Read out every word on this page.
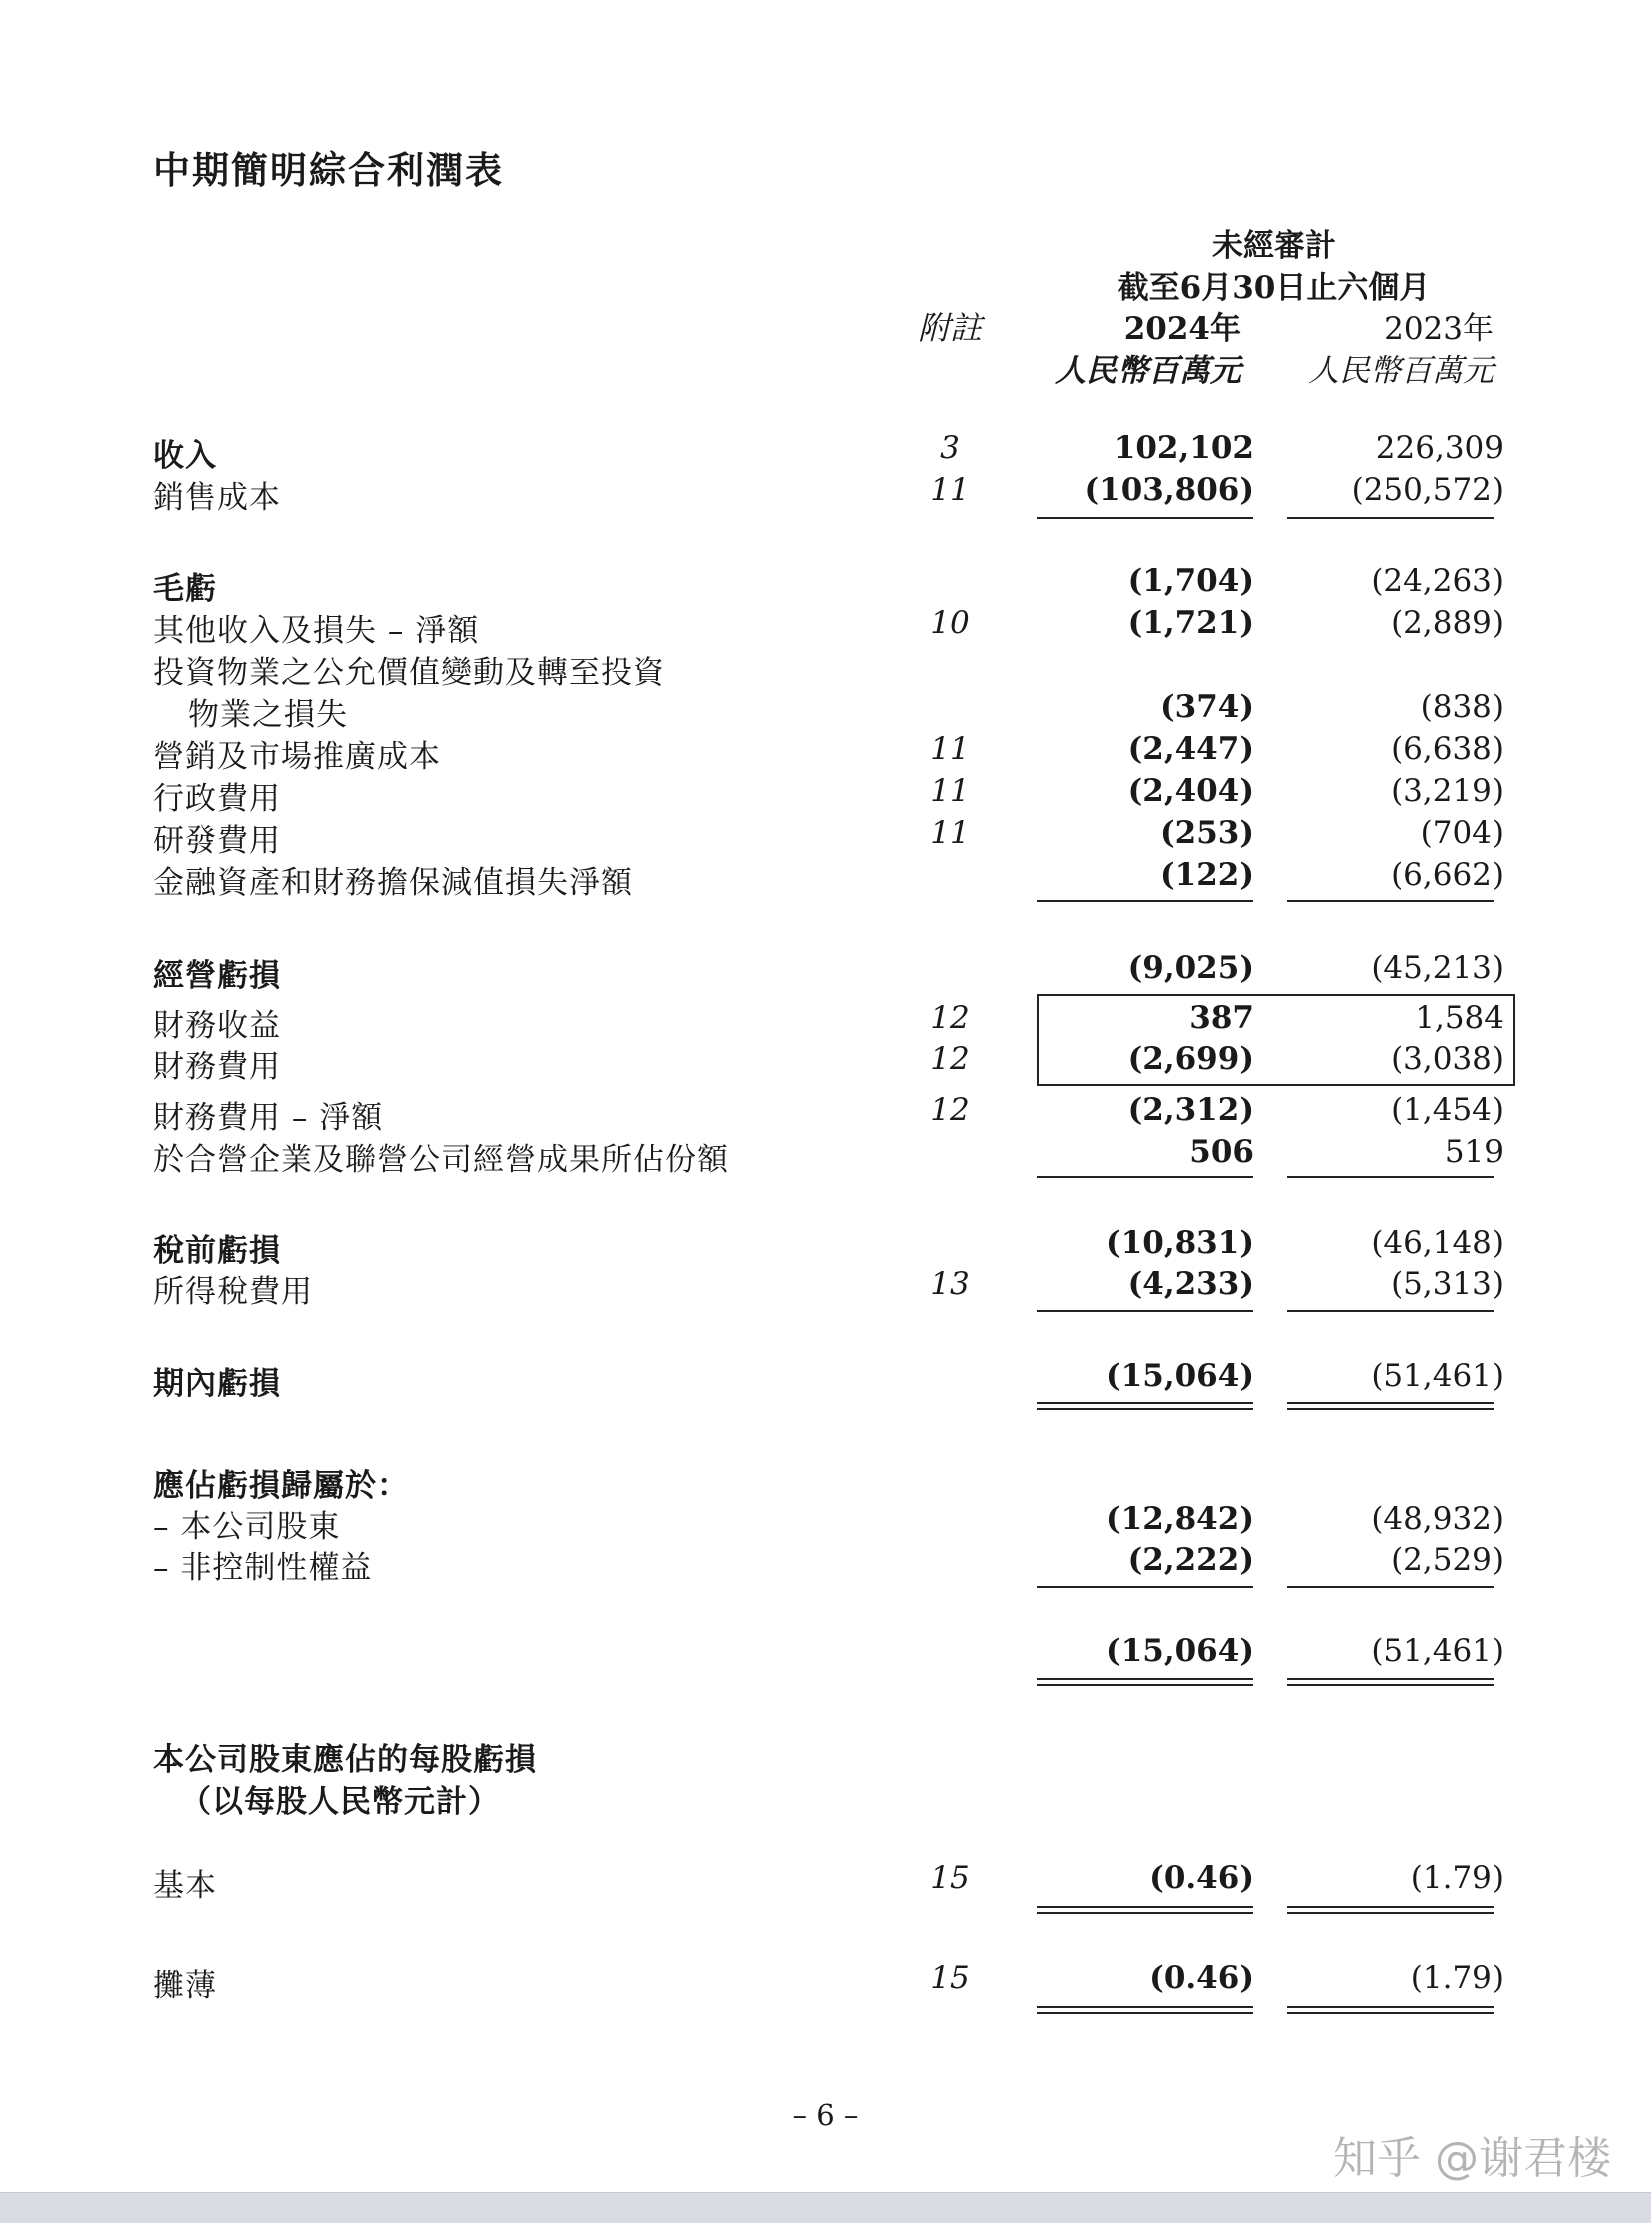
中期簡明綜合利潤表
未經審計
截至6月30日止六個月
附註	2024年	2023年
人民幣百萬元 人民幣百萬元
收入	3	102,102	226,309
銷售成本	11	(103,806)	(250,572)
毛虧	(1,704)	(24,263)
其他收入及損失 – 淨額	10	(1,721)	(2,889)
投資物業之公允價值變動及轉至投資
物業之損失	(374)	(838)
營銷及市場推廣成本	11	(2,447)	(6,638)
行政費用	11	(2,404)	(3,219)
研發費用	11	(253)	(704)
金融資產和財務擔保減值損失淨額	(122)	(6,662)
經營虧損	(9,025)	(45,213)
財務收益	12	387	1,584
財務費用	12	(2,699)	(3,038)
財務費用 – 淨額	12	(2,312)	(1,454)
於合營企業及聯營公司經營成果所佔份額	506	519
稅前虧損	(10,831)	(46,148)
所得稅費用	13	(4,233)	(5,313)
期內虧損	(15,064)	(51,461)
應佔虧損歸屬於：
– 本公司股東	(12,842)	(48,932)
– 非控制性權益	(2,222)	(2,529)
(15,064)	(51,461)
本公司股東應佔的每股虧損
（以每股人民幣元計）
基本	15	(0.46)	(1.79)
攤薄	15	(0.46)	(1.79)
– 6 –
知乎 @谢君楼
